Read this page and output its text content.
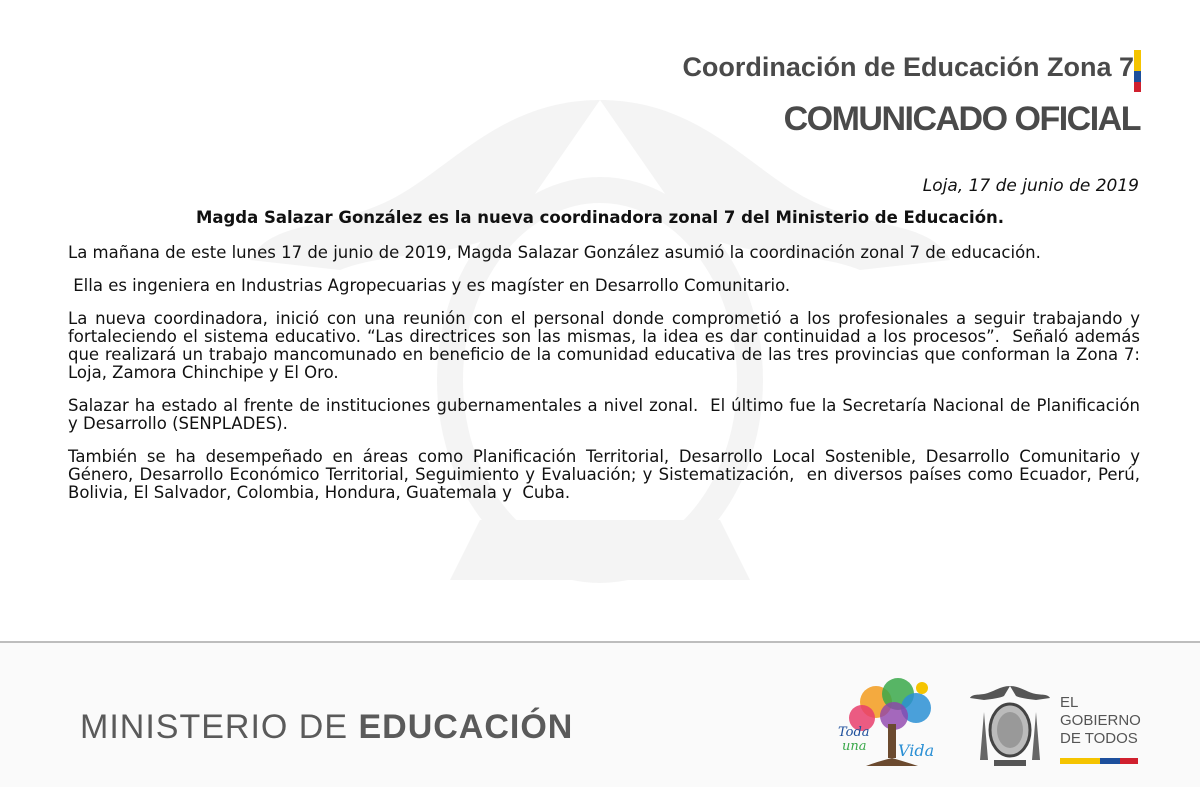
Coordinación de Educación Zona 7
COMUNICADO OFICIAL
Loja, 17 de junio de 2019
Magda Salazar González es la nueva coordinadora zonal 7 del Ministerio de Educación.

La mañana de este lunes 17 de junio de 2019, Magda Salazar González asumió la coordinación zonal 7 de educación.

Ella es ingeniera en Industrias Agropecuarias y es magíster en Desarrollo Comunitario.

La nueva coordinadora, inició con una reunión con el personal donde comprometió a los profesionales a seguir trabajando y fortaleciendo el sistema educativo. “Las directrices son las mismas, la idea es dar continuidad a los procesos”.  Señaló además que realizará un trabajo mancomunado en beneficio de la comunidad educativa de las tres provincias que conforman la Zona 7: Loja, Zamora Chinchipe y El Oro.

Salazar ha estado al frente de instituciones gubernamentales a nivel zonal.  El último fue la Secretaría Nacional de Planificación y Desarrollo (SENPLADES).

También se ha desempeñado en áreas como Planificación Territorial, Desarrollo Local Sostenible, Desarrollo Comunitario y Género, Desarrollo Económico Territorial, Seguimiento y Evaluación; y Sistematización,  en diversos países como Ecuador, Perú, Bolivia, El Salvador, Colombia, Hondura, Guatemala y  Cuba.

MINISTERIO DE EDUCACIÓN	Toda
una Vida
EL
GOBIERNO
DE TODOS
